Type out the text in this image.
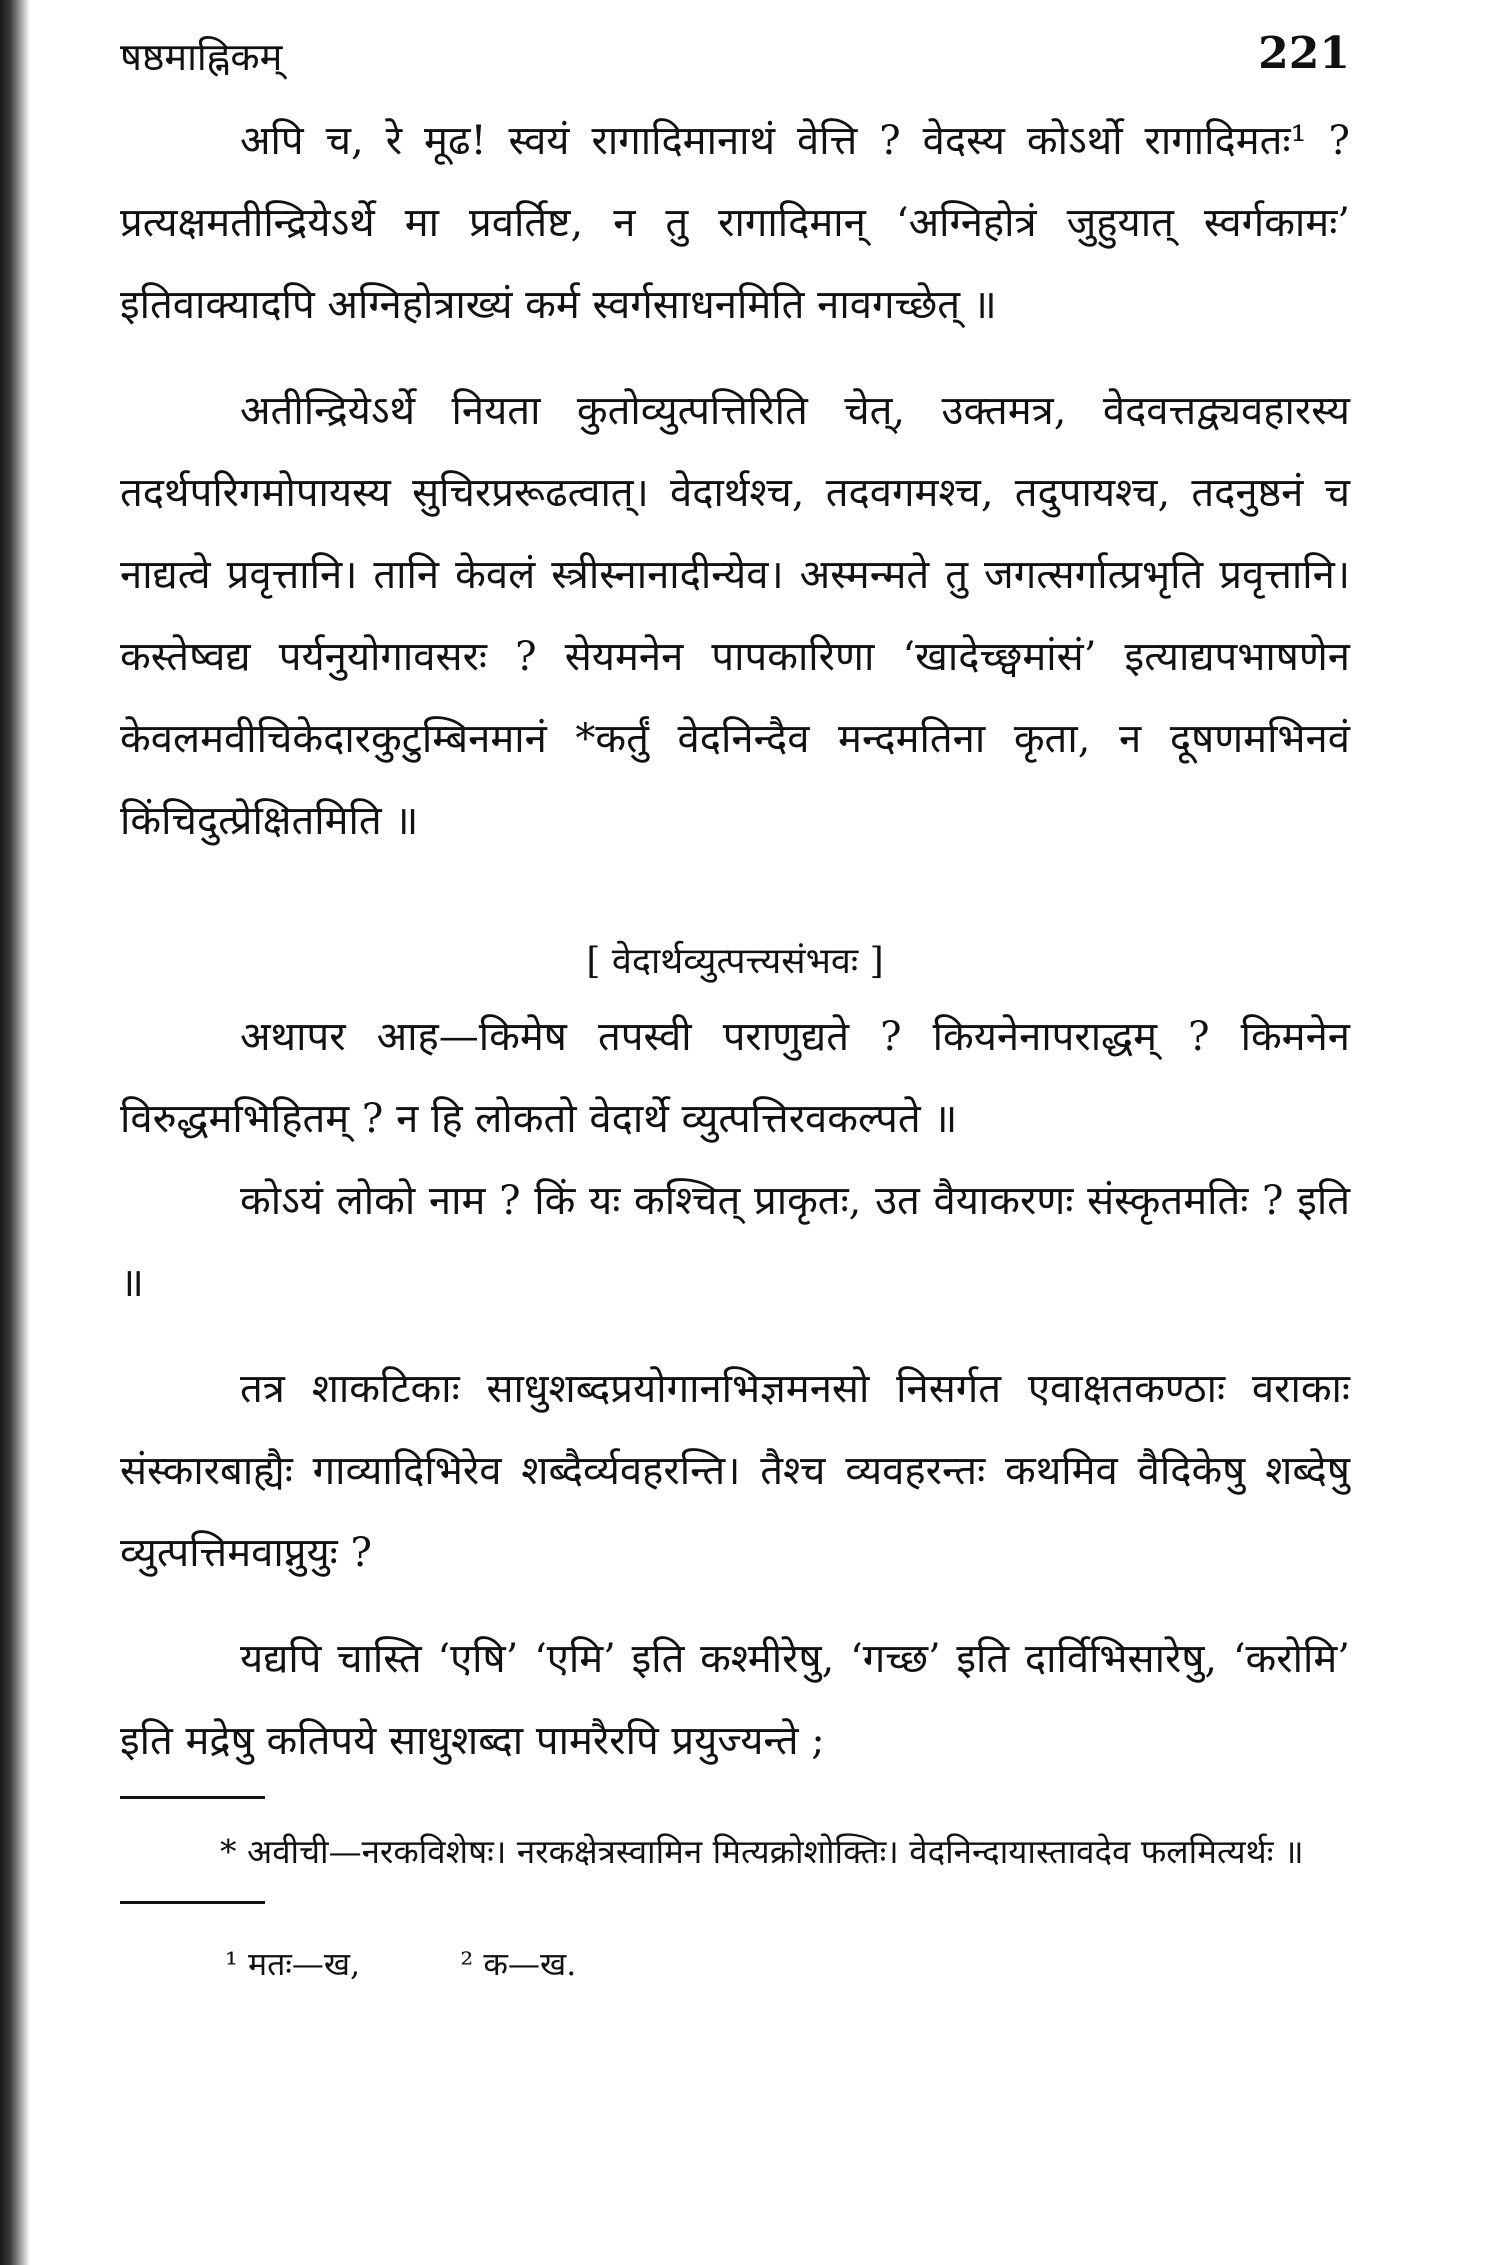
षष्ठमाह्निकम्	221

अपि च, रे मूढ! स्वयं रागादिमानाथं वेत्ति ? वेदस्य कोऽर्थो रागादिमतः¹ ? प्रत्यक्षमतीन्द्रियेऽर्थे मा प्रवर्तिष्ट, न तु रागादिमान् ‘अग्निहोत्रं जुहुयात् स्वर्गकामः’ इतिवाक्यादपि अग्निहोत्राख्यं कर्म स्वर्गसाधनमिति नावगच्छेत् ॥

अतीन्द्रियेऽर्थे नियता कुतोव्युत्पत्तिरिति चेत्, उक्तमत्र, वेदवत्तद्व्यवहारस्य तदर्थपरिगमोपायस्य सुचिरप्ररूढत्वात्। वेदार्थश्च, तदवगमश्च, तदुपायश्च, तदनुष्ठनं च नाद्यत्वे प्रवृत्तानि। तानि केवलं स्त्रीस्नानादीन्येव। अस्मन्मते तु जगत्सर्गात्प्रभृति प्रवृत्तानि। कस्तेष्वद्य पर्यनुयोगावसरः ? सेयमनेन पापकारिणा ‘खादेच्छ्वमांसं’ इत्याद्यपभाषणेन केवलमवीचिकेदारकुटुम्बिनमानं *कर्तुं वेदनिन्दैव मन्दमतिना कृता, न दूषणमभिनवं किंचिदुत्प्रेक्षितमिति ॥

[ वेदार्थव्युत्पत्त्यसंभवः ]

अथापर आह—किमेष तपस्वी पराणुद्यते ? कियनेनापराद्धम् ? किमनेन विरुद्धमभिहितम् ? न हि लोकतो वेदार्थे व्युत्पत्तिरवकल्पते ॥

कोऽयं लोको नाम ? किं यः कश्चित् प्राकृतः, उत वैयाकरणः संस्कृतमतिः ? इति ॥

तत्र शाकटिकाः साधुशब्दप्रयोगानभिज्ञमनसो निसर्गत एवाक्षतकण्ठाः वराकाः संस्कारबाह्यैः गाव्यादिभिरेव शब्दैर्व्यवहरन्ति। तैश्च व्यवहरन्तः कथमिव वैदिकेषु शब्देषु व्युत्पत्तिमवाप्नुयुः ?

यद्यपि चास्ति ‘एषि’ ‘एमि’ इति कश्मीरेषु, ‘गच्छ’ इति दार्विभिसारेषु, ‘करोमि’ इति मद्रेषु कतिपये साधुशब्दा पामरैरपि प्रयुज्यन्ते ;

* अवीची—नरकविशेषः। नरकक्षेत्रस्वामिन मित्यक्रोशोक्तिः। वेदनिन्दायास्तावदेव फलमित्यर्थः ॥

¹ मतः—ख,	² क—ख.
